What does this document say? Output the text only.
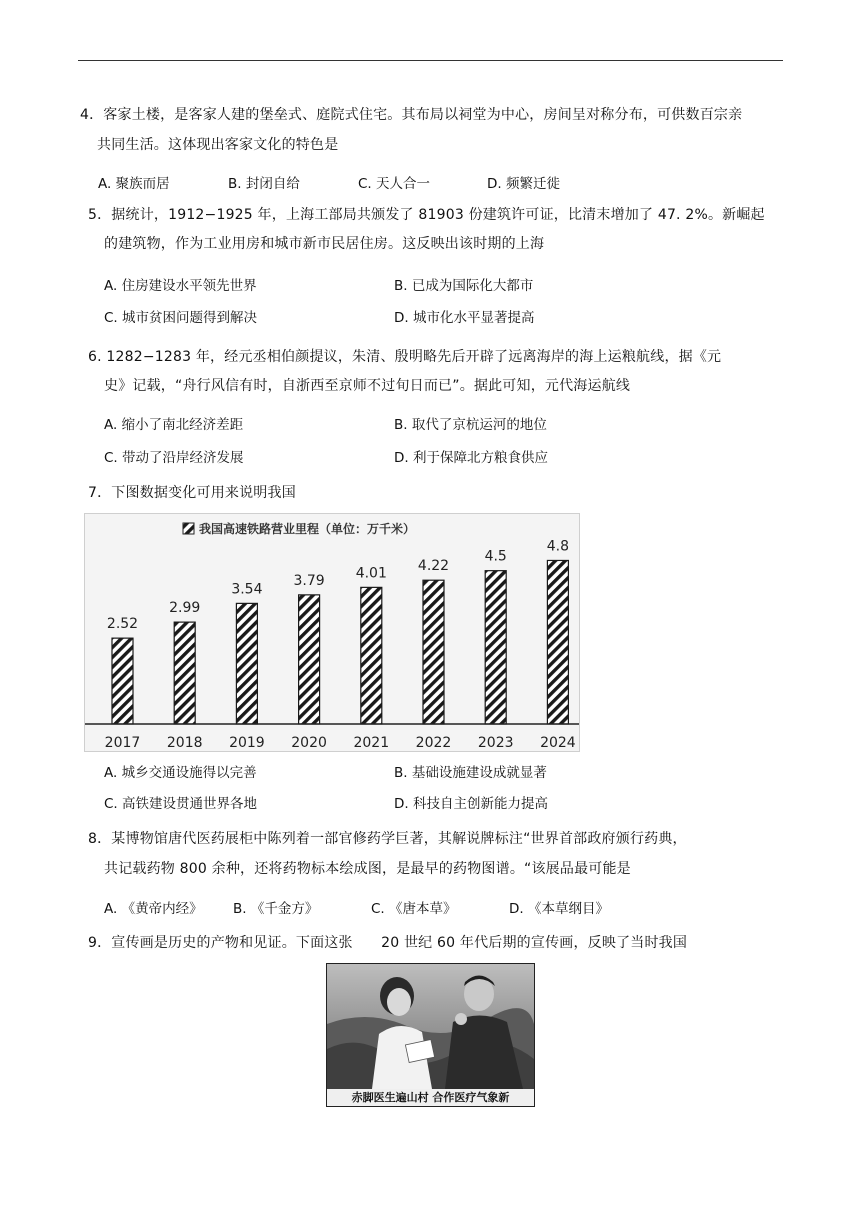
4．客家土楼，是客家人建的堡垒式、庭院式住宅。其布局以祠堂为中心，房间呈对称分布，可供数百宗亲
共同生活。这体现出客家文化的特色是
A. 聚族而居	B. 封闭自给	C. 天人合一	D. 频繁迁徙
5．据统计，1912−1925 年，上海工部局共颁发了 81903 份建筑许可证，比清末增加了 47. 2%。新崛起
的建筑物，作为工业用房和城市新市民居住房。这反映出该时期的上海
A. 住房建设水平领先世界	B. 已成为国际化大都市
C. 城市贫困问题得到解决	D. 城市化水平显著提高
6. 1282−1283 年，经元丞相伯颜提议，朱清、殷明略先后开辟了远离海岸的海上运粮航线，据《元
史》记载，“舟行风信有时，自浙西至京师不过旬日而已”。据此可知，元代海运航线
A. 缩小了南北经济差距	B. 取代了京杭运河的地位
C. 带动了沿岸经济发展	D. 利于保障北方粮食供应
7．下图数据变化可用来说明我国
我国高速铁路营业里程（单位：万千米）
2.52
2017
2.99
2018
3.54
2019
3.79
2020
4.01
2021
4.22
2022
4.5
2023
4.8
2024
A. 城乡交通设施得以完善	B. 基础设施建设成就显著
C. 高铁建设贯通世界各地	D. 科技自主创新能力提高
8．某博物馆唐代医药展柜中陈列着一部官修药学巨著，其解说牌标注“世界首部政府颁行药典，
共记载药物 800 余种，还将药物标本绘成图，是最早的药物图谱。“该展品最可能是
A. 《黄帝内经》 B. 《千金方》	C. 《唐本草》	D. 《本草纲目》
9．宣传画是历史的产物和见证。下面这张　　20 世纪 60 年代后期的宣传画，反映了当时我国
赤脚医生遍山村 合作医疗气象新
